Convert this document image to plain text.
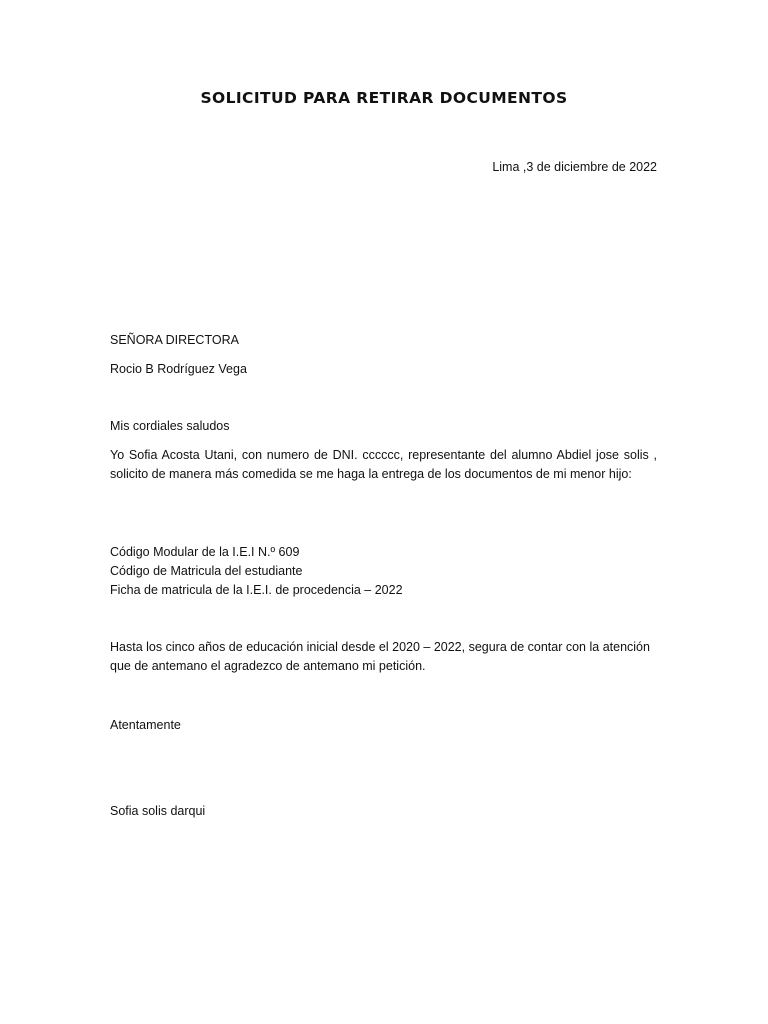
SOLICITUD PARA RETIRAR DOCUMENTOS

Lima ,3 de diciembre de 2022

SEÑORA DIRECTORA

Rocio B Rodríguez Vega

Mis cordiales saludos

Yo Sofia Acosta Utani, con numero de DNI. cccccc, representante del alumno Abdiel jose solis , solicito de manera más comedida se me haga la entrega de los documentos de mi menor hijo:

Código Modular de la I.E.I N.º 609
Código de Matricula del estudiante
Ficha de matricula de la I.E.I. de procedencia – 2022

Hasta los cinco años de educación inicial desde el 2020 – 2022, segura de contar con la atención que de antemano el agradezco de antemano mi petición.

Atentamente

Sofia solis darqui
